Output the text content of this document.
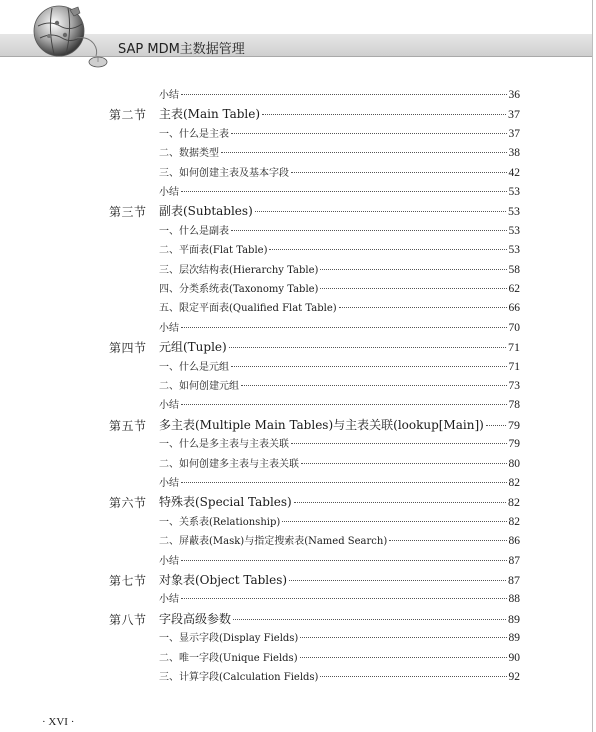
SAP MDM主数据管理
小结	36
第二节 主表(Main Table)	37
一、什么是主表	37
二、数据类型	38
三、如何创建主表及基本字段	42
小结	53
第三节 副表(Subtables)	53
一、什么是副表	53
二、平面表(Flat Table)	53
三、层次结构表(Hierarchy Table)	58
四、分类系统表(Taxonomy Table)	62
五、限定平面表(Qualified Flat Table)	66
小结	70
第四节 元组(Tuple)	71
一、什么是元组	71
二、如何创建元组	73
小结	78
第五节 多主表(Multiple Main Tables)与主表关联(lookup[Main]) 79
一、什么是多主表与主表关联	79
二、如何创建多主表与主表关联	80
小结	82
第六节 特殊表(Special Tables)	82
一、关系表(Relationship)	82
二、屏蔽表(Mask)与指定搜索表(Named Search)	86
小结	87
第七节 对象表(Object Tables)	87
小结	88
第八节 字段高级参数	89
一、显示字段(Display Fields)	89
二、唯一字段(Unique Fields)	90
三、计算字段(Calculation Fields)	92
· XVI ·
